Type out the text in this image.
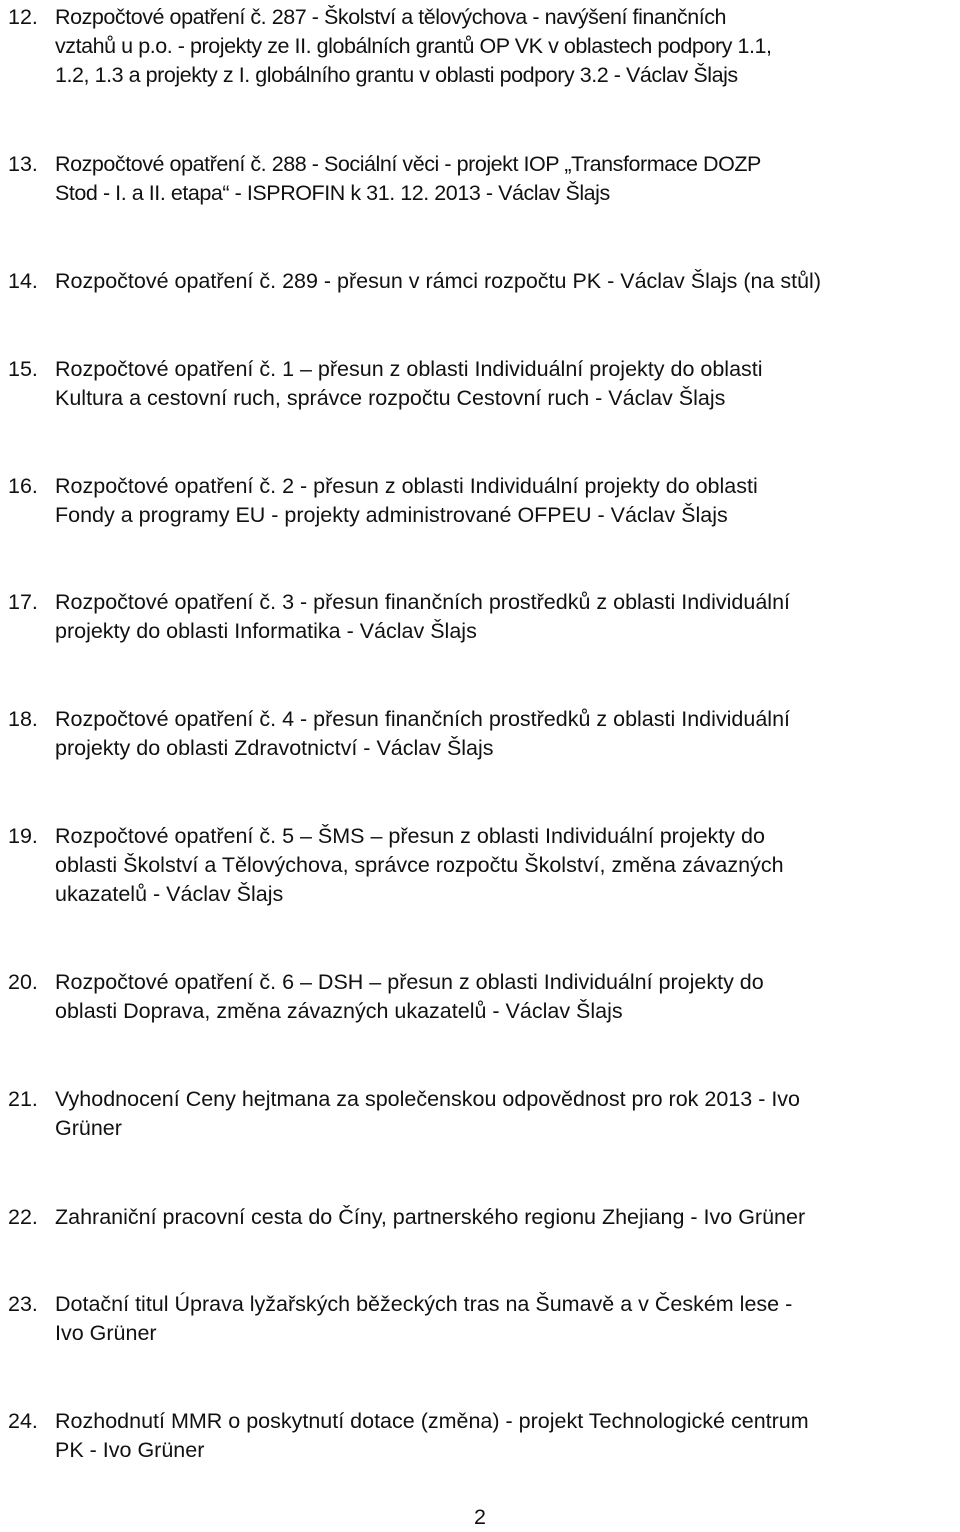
12. Rozpočtové opatření č. 287 - Školství a tělovýchova - navýšení finančních
vztahů u p.o. - projekty ze II. globálních grantů OP VK v oblastech podpory 1.1,
1.2, 1.3 a projekty z I. globálního grantu v oblasti podpory 3.2 - Václav Šlajs
13. Rozpočtové opatření č. 288 - Sociální věci - projekt IOP „Transformace DOZP
Stod - I. a II. etapa“ - ISPROFIN k 31. 12. 2013 - Václav Šlajs
14. Rozpočtové opatření č. 289 - přesun v rámci rozpočtu PK - Václav Šlajs (na stůl)
15. Rozpočtové opatření č. 1 – přesun z oblasti Individuální projekty do oblasti
Kultura a cestovní ruch, správce rozpočtu Cestovní ruch - Václav Šlajs
16. Rozpočtové opatření č. 2 - přesun z oblasti Individuální projekty do oblasti
Fondy a programy EU - projekty administrované OFPEU - Václav Šlajs
17. Rozpočtové opatření č. 3 - přesun finančních prostředků z oblasti Individuální
projekty do oblasti Informatika - Václav Šlajs
18. Rozpočtové opatření č. 4 - přesun finančních prostředků z oblasti Individuální
projekty do oblasti Zdravotnictví - Václav Šlajs
19. Rozpočtové opatření č. 5 – ŠMS – přesun z oblasti Individuální projekty do
oblasti Školství a Tělovýchova, správce rozpočtu Školství, změna závazných
ukazatelů - Václav Šlajs
20. Rozpočtové opatření č. 6 – DSH – přesun z oblasti Individuální projekty do
oblasti Doprava, změna závazných ukazatelů - Václav Šlajs
21. Vyhodnocení Ceny hejtmana za společenskou odpovědnost pro rok 2013 - Ivo
Grüner
22. Zahraniční pracovní cesta do Číny, partnerského regionu Zhejiang - Ivo Grüner
23. Dotační titul Úprava lyžařských běžeckých tras na Šumavě a v Českém lese -
Ivo Grüner
24. Rozhodnutí MMR o poskytnutí dotace (změna) - projekt Technologické centrum
PK - Ivo Grüner
2
